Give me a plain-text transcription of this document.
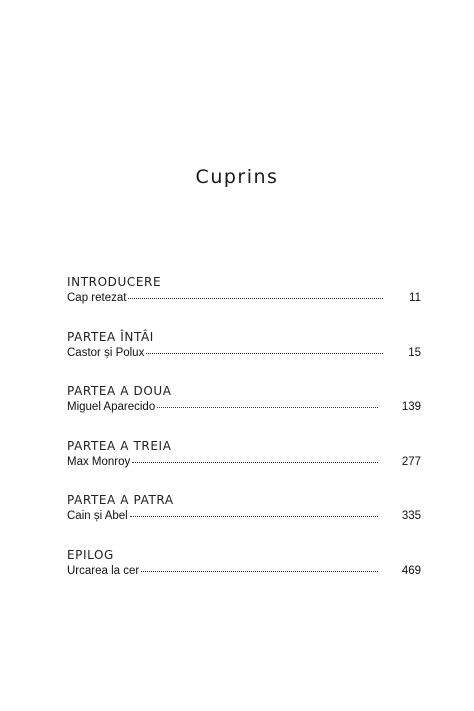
Cuprins
INTRODUCERE
Cap retezat	11
PARTEA ÎNTÂI
Castor și Polux	15
PARTEA A DOUA
Miguel Aparecido	139
PARTEA A TREIA
Max Monroy	277
PARTEA A PATRA
Cain și Abel	335
EPILOG
Urcarea la cer	469
